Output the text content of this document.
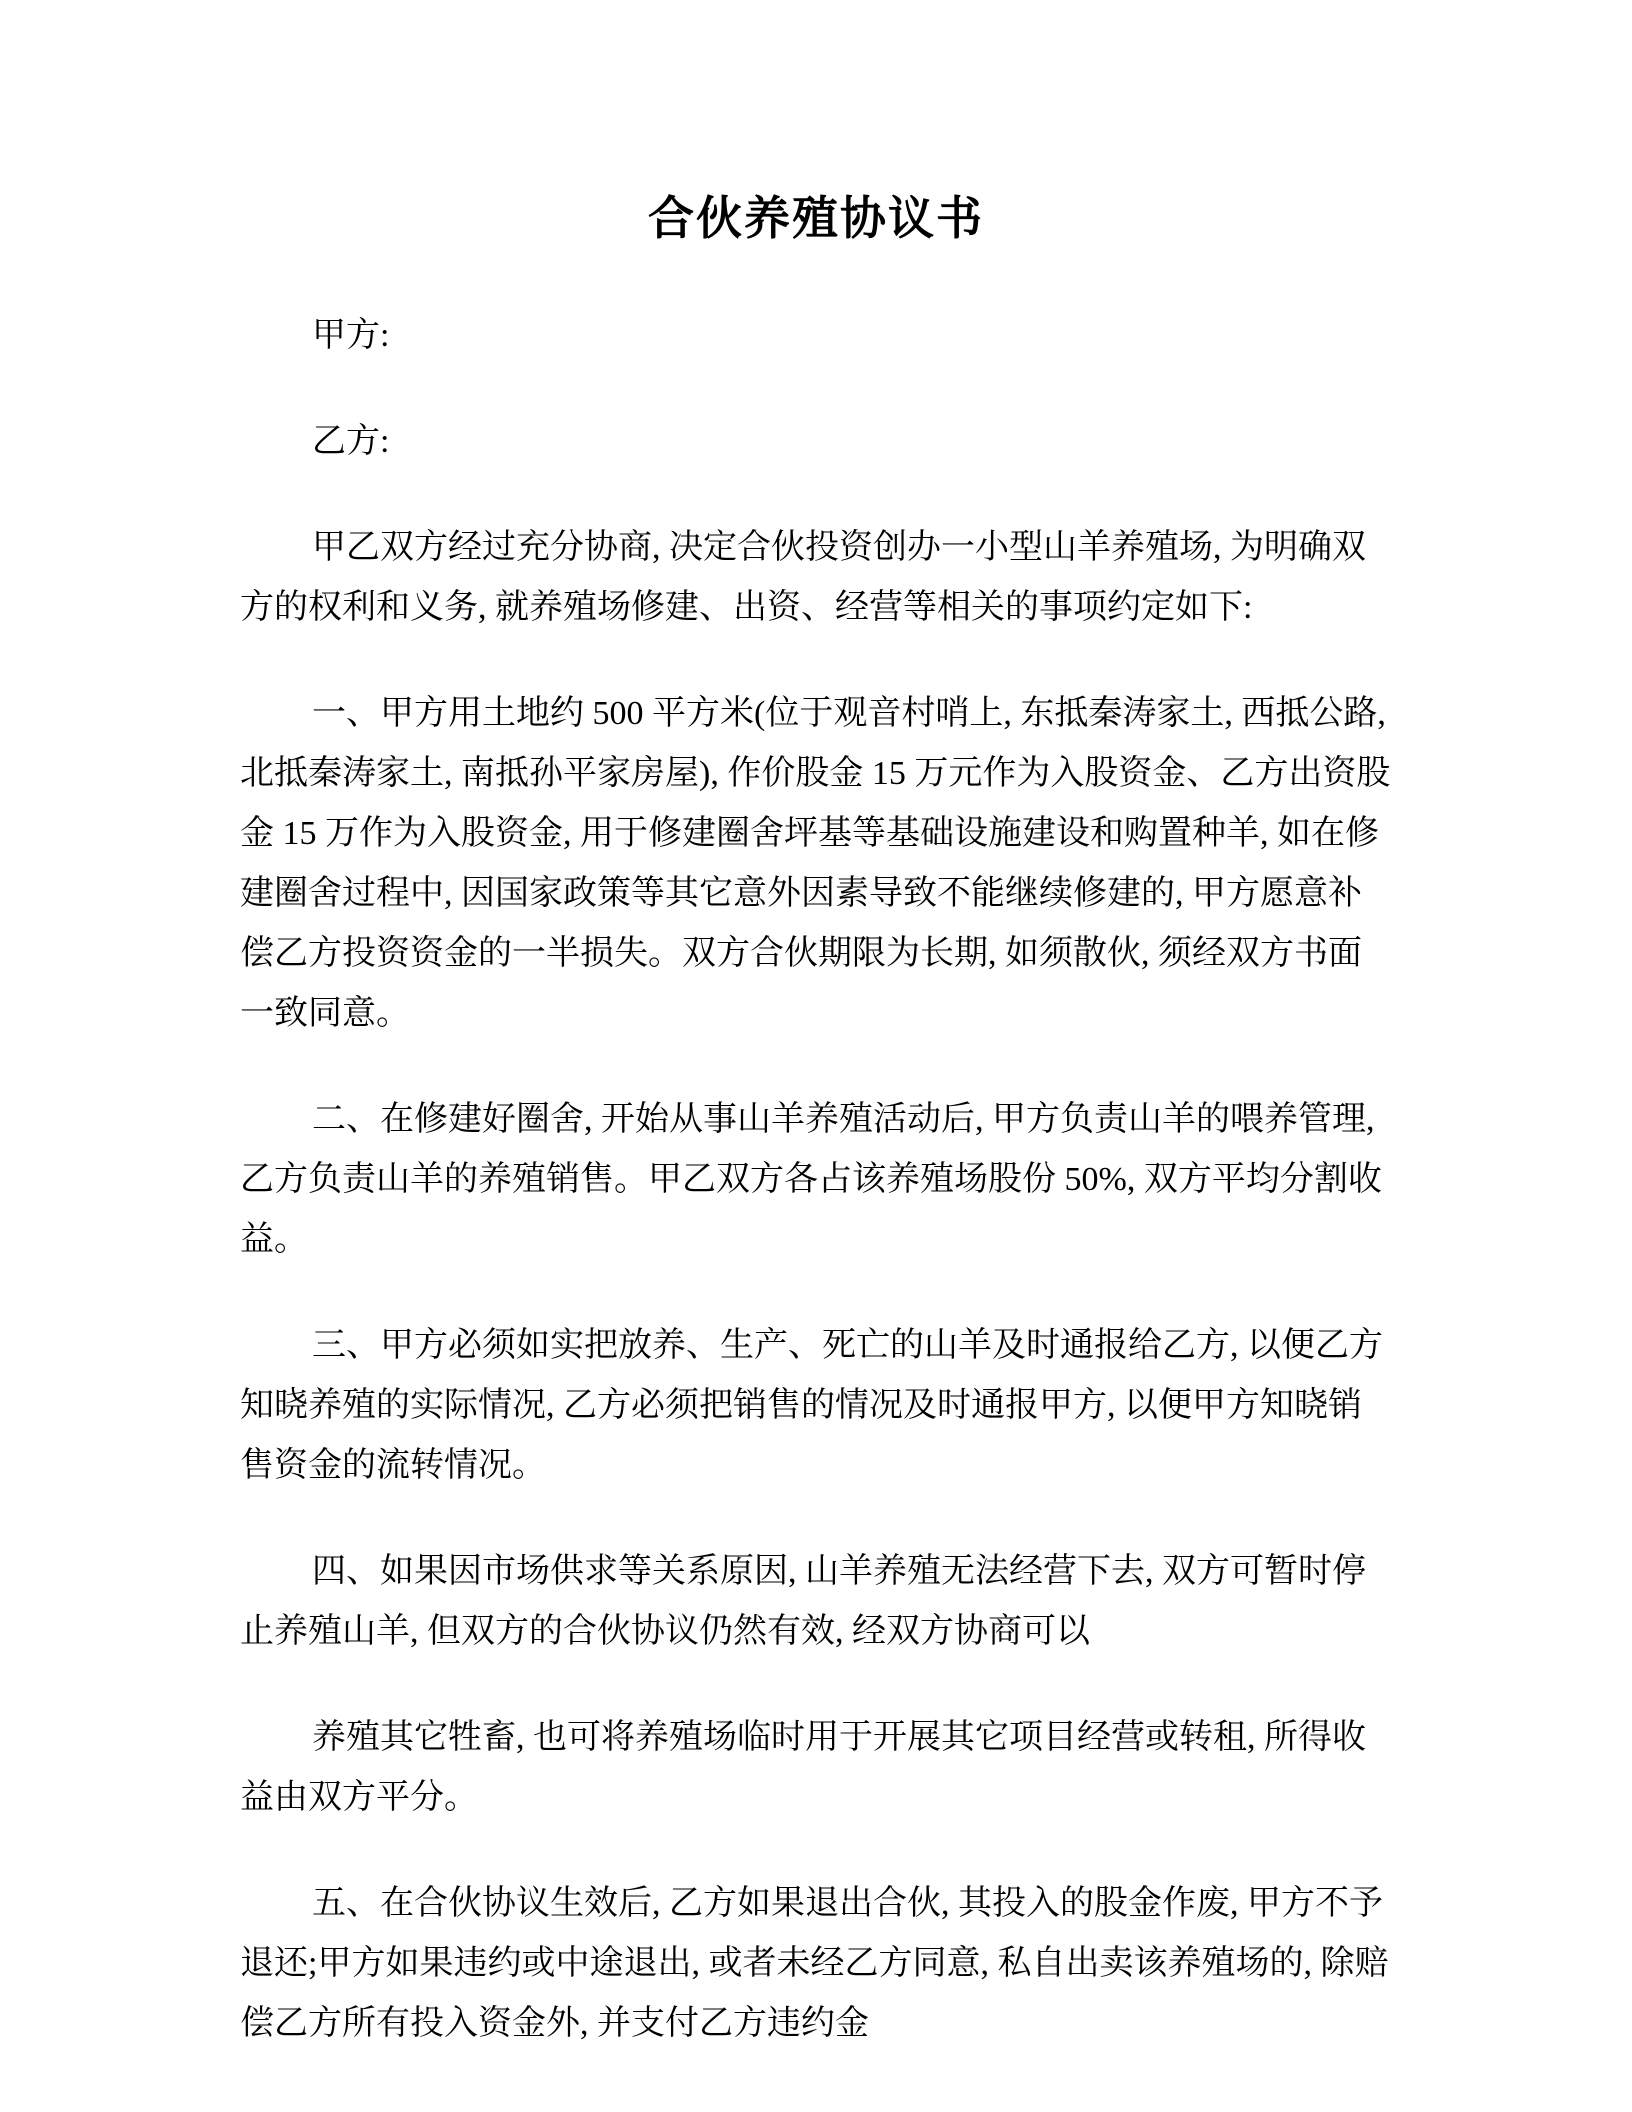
合伙养殖协议书

甲方:

乙方:

甲乙双方经过充分协商, 决定合伙投资创办一小型山羊养殖场, 为明确双方的权利和义务, 就养殖场修建、出资、经营等相关的事项约定如下:

一、甲方用土地约 500 平方米(位于观音村哨上, 东抵秦涛家土, 西抵公路, 北抵秦涛家土, 南抵孙平家房屋), 作价股金 15 万元作为入股资金、乙方出资股金 15 万作为入股资金, 用于修建圈舍坪基等基础设施建设和购置种羊, 如在修建圈舍过程中, 因国家政策等其它意外因素导致不能继续修建的, 甲方愿意补偿乙方投资资金的一半损失。双方合伙期限为长期, 如须散伙, 须经双方书面一致同意。

二、在修建好圈舍, 开始从事山羊养殖活动后, 甲方负责山羊的喂养管理, 乙方负责山羊的养殖销售。甲乙双方各占该养殖场股份 50%, 双方平均分割收益。

三、甲方必须如实把放养、生产、死亡的山羊及时通报给乙方, 以便乙方知晓养殖的实际情况, 乙方必须把销售的情况及时通报甲方, 以便甲方知晓销售资金的流转情况。

四、如果因市场供求等关系原因, 山羊养殖无法经营下去, 双方可暂时停止养殖山羊, 但双方的合伙协议仍然有效, 经双方协商可以

养殖其它牲畜, 也可将养殖场临时用于开展其它项目经营或转租, 所得收益由双方平分。

五、在合伙协议生效后, 乙方如果退出合伙, 其投入的股金作废, 甲方不予退还;甲方如果违约或中途退出, 或者未经乙方同意, 私自出卖该养殖场的, 除赔偿乙方所有投入资金外, 并支付乙方违约金
